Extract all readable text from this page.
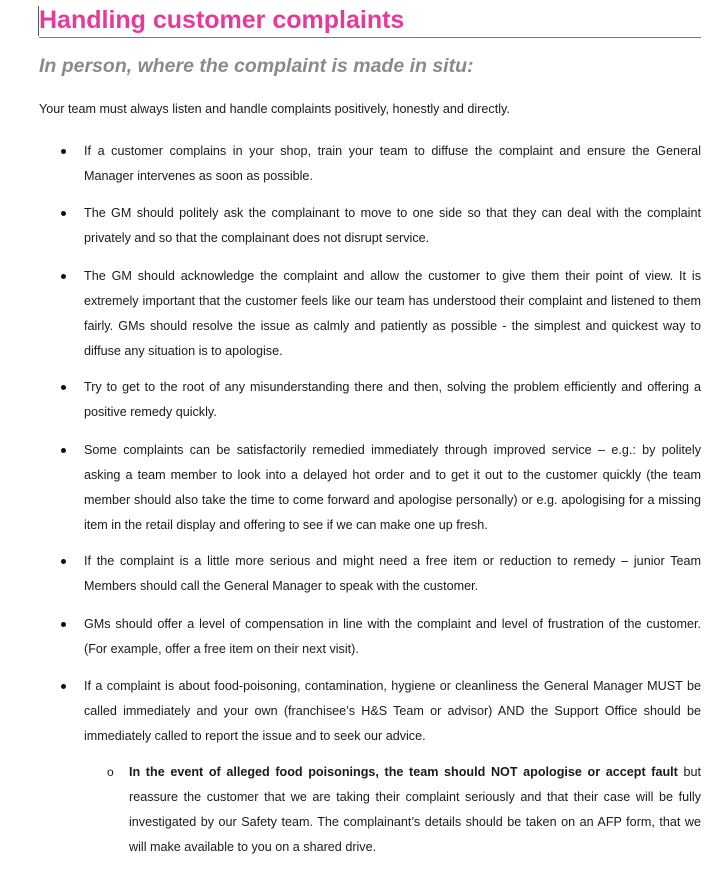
Handling customer complaints
In person, where the complaint is made in situ:
Your team must always listen and handle complaints positively, honestly and directly.
If a customer complains in your shop, train your team to diffuse the complaint and ensure the General Manager intervenes as soon as possible.
The GM should politely ask the complainant to move to one side so that they can deal with the complaint privately and so that the complainant does not disrupt service.
The GM should acknowledge the complaint and allow the customer to give them their point of view. It is extremely important that the customer feels like our team has understood their complaint and listened to them fairly. GMs should resolve the issue as calmly and patiently as possible - the simplest and quickest way to diffuse any situation is to apologise.
Try to get to the root of any misunderstanding there and then, solving the problem efficiently and offering a positive remedy quickly.
Some complaints can be satisfactorily remedied immediately through improved service – e.g.: by politely asking a team member to look into a delayed hot order and to get it out to the customer quickly (the team member should also take the time to come forward and apologise personally) or e.g. apologising for a missing item in the retail display and offering to see if we can make one up fresh.
If the complaint is a little more serious and might need a free item or reduction to remedy – junior Team Members should call the General Manager to speak with the customer.
GMs should offer a level of compensation in line with the complaint and level of frustration of the customer. (For example, offer a free item on their next visit).
If a complaint is about food-poisoning, contamination, hygiene or cleanliness the General Manager MUST be called immediately and your own (franchisee’s H&S Team or advisor) AND the Support Office should be immediately called to report the issue and to seek our advice.
o In the event of alleged food poisonings, the team should NOT apologise or accept fault but reassure the customer that we are taking their complaint seriously and that their case will be fully investigated by our Safety team. The complainant’s details should be taken on an AFP form, that we will make available to you on a shared drive.
